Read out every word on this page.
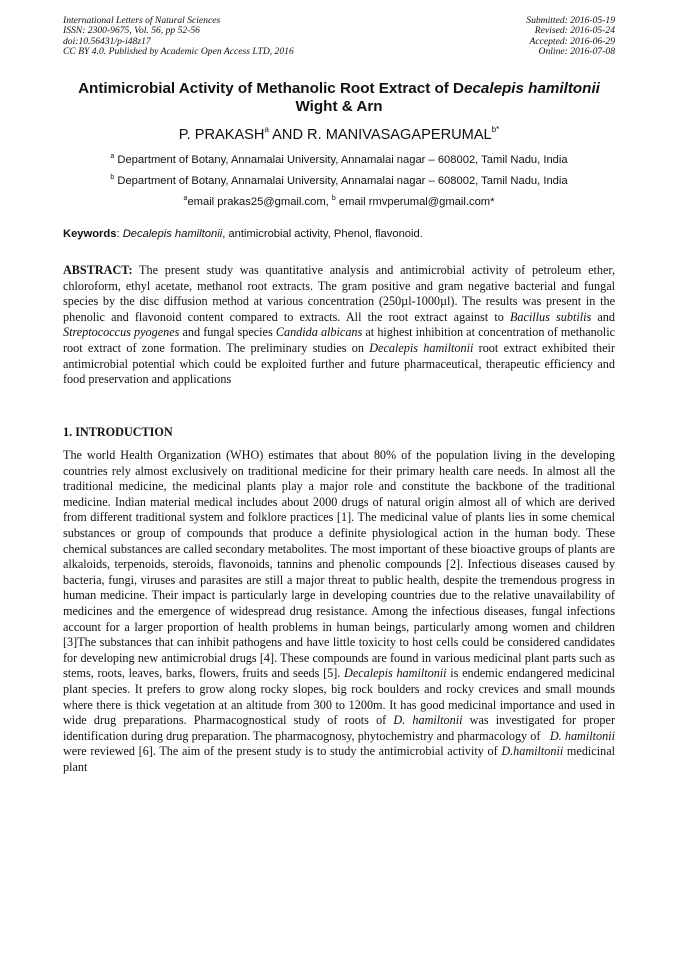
International Letters of Natural Sciences
ISSN: 2300-9675, Vol. 56, pp 52-56
doi:10.56431/p-i48z17
CC BY 4.0. Published by Academic Open Access LTD, 2016
Submitted: 2016-05-19
Revised: 2016-05-24
Accepted: 2016-06-29
Online: 2016-07-08
Antimicrobial Activity of Methanolic Root Extract of Decalepis hamiltonii Wight & Arn
P. PRAKASH$^a$ AND R. $MANIVASAGAPERUMAL^{b*}$
$^a$ Department of Botany, Annamalai University, Annamalai nagar – 608002, Tamil Nadu, India
$^b$ Department of Botany, Annamalai University, Annamalai nagar – 608002, Tamil Nadu, India
$^a$email prakas25@gmail.com, $^b$ email rmvperumal@gmail.com*
Keywords: Decalepis hamiltonii, antimicrobial activity, Phenol, flavonoid.
ABSTRACT: The present study was quantitative analysis and antimicrobial activity of petroleum ether, chloroform, ethyl acetate, methanol root extracts. The gram positive and gram negative bacterial and fungal species by the disc diffusion method at various concentration (250µl-1000µl). The results was present in the phenolic and flavonoid content compared to extracts. All the root extract against to Bacillus subtilis and Streptococcus pyogenes and fungal species Candida albicans at highest inhibition at concentration of methanolic root extract of zone formation. The preliminary studies on Decalepis hamiltonii root extract exhibited their antimicrobial potential which could be exploited further and future pharmaceutical, therapeutic efficiency and food preservation and applications
1. INTRODUCTION
The world Health Organization (WHO) estimates that about 80% of the population living in the developing countries rely almost exclusively on traditional medicine for their primary health care needs. In almost all the traditional medicine, the medicinal plants play a major role and constitute the backbone of the traditional medicine. Indian material medical includes about 2000 drugs of natural origin almost all of which are derived from different traditional system and folklore practices [1]. The medicinal value of plants lies in some chemical substances or group of compounds that produce a definite physiological action in the human body. These chemical substances are called secondary metabolites. The most important of these bioactive groups of plants are alkaloids, terpenoids, steroids, flavonoids, tannins and phenolic compounds [2]. Infectious diseases caused by bacteria, fungi, viruses and parasites are still a major threat to public health, despite the tremendous progress in human medicine. Their impact is particularly large in developing countries due to the relative unavailability of medicines and the emergence of widespread drug resistance. Among the infectious diseases, fungal infections account for a larger proportion of health problems in human beings, particularly among women and children [3]The substances that can inhibit pathogens and have little toxicity to host cells could be considered candidates for developing new antimicrobial drugs [4]. These compounds are found in various medicinal plant parts such as stems, roots, leaves, barks, flowers, fruits and seeds [5]. Decalepis hamiltonii is endemic endangered medicinal plant species. It prefers to grow along rocky slopes, big rock boulders and rocky crevices and small mounds where there is thick vegetation at an altitude from 300 to 1200m. It has good medicinal importance and used in wide drug preparations. Pharmacognostical study of roots of D. hamiltonii was investigated for proper identification during drug preparation. The pharmacognosy, phytochemistry and pharmacology of   D. hamiltonii were reviewed [6]. The aim of the present study is to study the antimicrobial activity of D.hamiltonii medicinal plant
